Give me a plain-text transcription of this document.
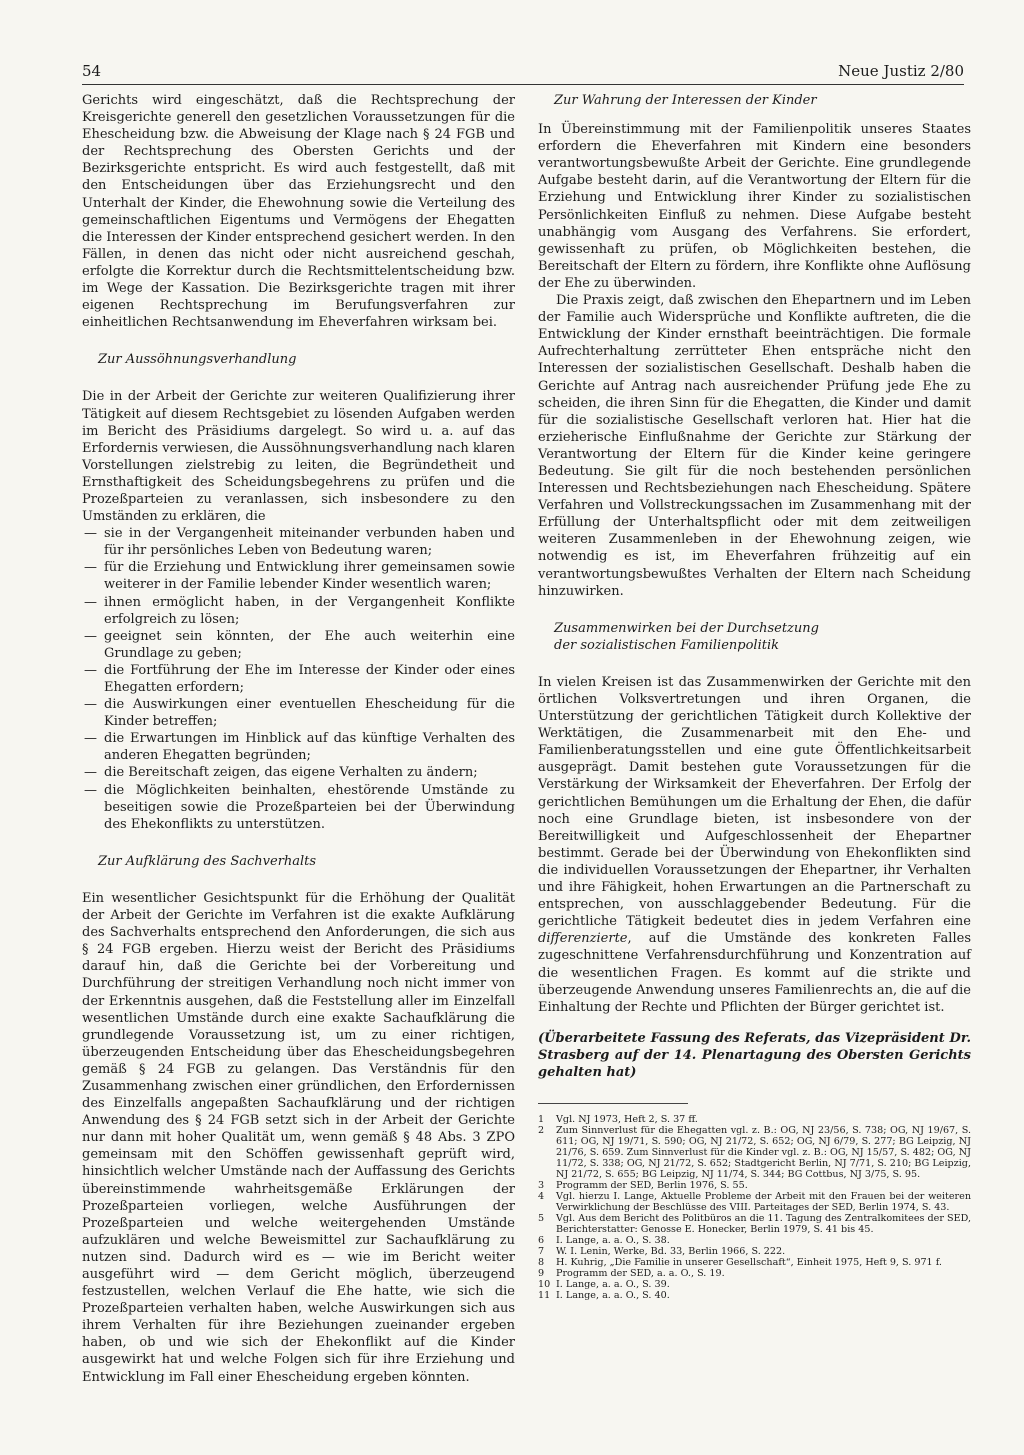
54	Neue Justiz 2/80

Gerichts wird eingeschätzt, daß die Rechtsprechung der Kreisgerichte generell den gesetzlichen Voraussetzungen für die Ehescheidung bzw. die Abweisung der Klage nach § 24 FGB und der Rechtsprechung des Obersten Gerichts und der Bezirksgerichte entspricht. Es wird auch festgestellt, daß mit den Entscheidungen über das Erziehungsrecht und den Unterhalt der Kinder, die Ehewohnung sowie die Verteilung des gemeinschaftlichen Eigentums und Vermögens der Ehegatten die Interessen der Kinder entsprechend gesichert werden. In den Fällen, in denen das nicht oder nicht ausreichend geschah, erfolgte die Korrektur durch die Rechtsmittelentscheidung bzw. im Wege der Kassation. Die Bezirksgerichte tragen mit ihrer eigenen Rechtsprechung im Berufungsverfahren zur einheitlichen Rechtsanwendung im Eheverfahren wirksam bei.

Zur Aussöhnungsverhandlung

Die in der Arbeit der Gerichte zur weiteren Qualifizierung ihrer Tätigkeit auf diesem Rechtsgebiet zu lösenden Aufgaben werden im Bericht des Präsidiums dargelegt. So wird u. a. auf das Erfordernis verwiesen, die Aussöhnungsverhandlung nach klaren Vorstellungen zielstrebig zu leiten, die Begründetheit und Ernsthaftigkeit des Scheidungsbegehrens zu prüfen und die Prozeßparteien zu veranlassen, sich insbesondere zu den Umständen zu erklären, die

— sie in der Vergangenheit miteinander verbunden haben und für ihr persönliches Leben von Bedeutung waren;
— für die Erziehung und Entwicklung ihrer gemeinsamen sowie weiterer in der Familie lebender Kinder wesentlich waren;
— ihnen ermöglicht haben, in der Vergangenheit Konflikte erfolgreich zu lösen;
— geeignet sein könnten, der Ehe auch weiterhin eine Grundlage zu geben;
— die Fortführung der Ehe im Interesse der Kinder oder eines Ehegatten erfordern;
— die Auswirkungen einer eventuellen Ehescheidung für die Kinder betreffen;
— die Erwartungen im Hinblick auf das künftige Verhalten des anderen Ehegatten begründen;
— die Bereitschaft zeigen, das eigene Verhalten zu ändern;
— die Möglichkeiten beinhalten, ehestörende Umstände zu beseitigen sowie die Prozeßparteien bei der Überwindung des Ehekonflikts zu unterstützen.
Zur Aufklärung des Sachverhalts

Ein wesentlicher Gesichtspunkt für die Erhöhung der Qualität der Arbeit der Gerichte im Verfahren ist die exakte Aufklärung des Sachverhalts entsprechend den Anforderungen, die sich aus § 24 FGB ergeben. Hierzu weist der Bericht des Präsidiums darauf hin, daß die Gerichte bei der Vorbereitung und Durchführung der streitigen Verhandlung noch nicht immer von der Erkenntnis ausgehen, daß die Feststellung aller im Einzelfall wesentlichen Umstände durch eine exakte Sachaufklärung die grundlegende Voraussetzung ist, um zu einer richtigen, überzeugenden Entscheidung über das Ehescheidungsbegehren gemäß § 24 FGB zu gelangen. Das Verständnis für den Zusammenhang zwischen einer gründlichen, den Erfordernissen des Einzelfalls angepaßten Sachaufklärung und der richtigen Anwendung des § 24 FGB setzt sich in der Arbeit der Gerichte nur dann mit hoher Qualität um, wenn gemäß § 48 Abs. 3 ZPO gemeinsam mit den Schöffen gewissenhaft geprüft wird, hinsichtlich welcher Umstände nach der Auffassung des Gerichts übereinstimmende wahrheitsgemäße Erklärungen der Prozeßparteien vorliegen, welche Ausführungen der Prozeßparteien und welche weitergehenden Umstände aufzuklären und welche Beweismittel zur Sachaufklärung zu nutzen sind. Dadurch wird es — wie im Bericht weiter ausgeführt wird — dem Gericht möglich, überzeugend festzustellen, welchen Verlauf die Ehe hatte, wie sich die Prozeßparteien verhalten haben, welche Auswirkungen sich aus ihrem Verhalten für ihre Beziehungen zueinander ergeben haben, ob und wie sich der Ehekonflikt auf die Kinder ausgewirkt hat und welche Folgen sich für ihre Erziehung und Entwicklung im Fall einer Ehescheidung ergeben könnten.

Zur Wahrung der Interessen der Kinder

In Übereinstimmung mit der Familienpolitik unseres Staates erfordern die Eheverfahren mit Kindern eine besonders verantwortungsbewußte Arbeit der Gerichte. Eine grundlegende Aufgabe besteht darin, auf die Verantwortung der Eltern für die Erziehung und Entwicklung ihrer Kinder zu sozialistischen Persönlichkeiten Einfluß zu nehmen. Diese Aufgabe besteht unabhängig vom Ausgang des Verfahrens. Sie erfordert, gewissenhaft zu prüfen, ob Möglichkeiten bestehen, die Bereitschaft der Eltern zu fördern, ihre Konflikte ohne Auflösung der Ehe zu überwinden.

Die Praxis zeigt, daß zwischen den Ehepartnern und im Leben der Familie auch Widersprüche und Konflikte auftreten, die die Entwicklung der Kinder ernsthaft beeinträchtigen. Die formale Aufrechterhaltung zerrütteter Ehen entspräche nicht den Interessen der sozialistischen Gesellschaft. Deshalb haben die Gerichte auf Antrag nach ausreichender Prüfung jede Ehe zu scheiden, die ihren Sinn für die Ehegatten, die Kinder und damit für die sozialistische Gesellschaft verloren hat. Hier hat die erzieherische Einflußnahme der Gerichte zur Stärkung der Verantwortung der Eltern für die Kinder keine geringere Bedeutung. Sie gilt für die noch bestehenden persönlichen Interessen und Rechtsbeziehungen nach Ehescheidung. Spätere Verfahren und Vollstreckungssachen im Zusammenhang mit der Erfüllung der Unterhaltspflicht oder mit dem zeitweiligen weiteren Zusammenleben in der Ehewohnung zeigen, wie notwendig es ist, im Eheverfahren frühzeitig auf ein verantwortungsbewußtes Verhalten der Eltern nach Scheidung hinzuwirken.

Zusammenwirken bei der Durchsetzung
der sozialistischen Familienpolitik

In vielen Kreisen ist das Zusammenwirken der Gerichte mit den örtlichen Volksvertretungen und ihren Organen, die Unterstützung der gerichtlichen Tätigkeit durch Kollektive der Werktätigen, die Zusammenarbeit mit den Ehe- und Familienberatungsstellen und eine gute Öffentlichkeitsarbeit ausgeprägt. Damit bestehen gute Voraussetzungen für die Verstärkung der Wirksamkeit der Eheverfahren. Der Erfolg der gerichtlichen Bemühungen um die Erhaltung der Ehen, die dafür noch eine Grundlage bieten, ist insbesondere von der Bereitwilligkeit und Aufgeschlossenheit der Ehepartner bestimmt. Gerade bei der Überwindung von Ehekonflikten sind die individuellen Voraussetzungen der Ehepartner, ihr Verhalten und ihre Fähigkeit, hohen Erwartungen an die Partnerschaft zu entsprechen, von ausschlaggebender Bedeutung. Für die gerichtliche Tätigkeit bedeutet dies in jedem Verfahren eine differenzierte, auf die Umstände des konkreten Falles zugeschnittene Verfahrensdurchführung und Konzentration auf die wesentlichen Fragen. Es kommt auf die strikte und überzeugende Anwendung unseres Familienrechts an, die auf die Einhaltung der Rechte und Pflichten der Bürger gerichtet ist.

(Überarbeitete Fassung des Referats, das Vizepräsident Dr. Strasberg auf der 14. Plenartagung des Obersten Gerichts gehalten hat)

1 Vgl. NJ 1973, Heft 2, S. 37 ff.

2 Zum Sinnverlust für die Ehegatten vgl. z. B.: OG, NJ 23/56, S. 738; OG, NJ 19/67, S. 611; OG, NJ 19/71, S. 590; OG, NJ 21/72, S. 652; OG, NJ 6/79, S. 277; BG Leipzig, NJ 21/76, S. 659. Zum Sinnverlust für die Kinder vgl. z. B.: OG, NJ 15/57, S. 482; OG, NJ 11/72, S. 338; OG, NJ 21/72, S. 652; Stadtgericht Berlin, NJ 7/71, S. 210; BG Leipzig, NJ 21/72, S. 655; BG Leipzig, NJ 11/74, S. 344; BG Cottbus, NJ 3/75, S. 95.

3 Programm der SED, Berlin 1976, S. 55.

4 Vgl. hierzu I. Lange, Aktuelle Probleme der Arbeit mit den Frauen bei der weiteren Verwirklichung der Beschlüsse des VIII. Parteitages der SED, Berlin 1974, S. 43.

5 Vgl. Aus dem Bericht des Politbüros an die 11. Tagung des Zentralkomitees der SED, Berichterstatter: Genosse E. Honecker, Berlin 1979, S. 41 bis 45.

6 I. Lange, a. a. O., S. 38.

7 W. I. Lenin, Werke, Bd. 33, Berlin 1966, S. 222.

8 H. Kuhrig, „Die Familie in unserer Gesellschaft“, Einheit 1975, Heft 9, S. 971 f.

9 Programm der SED, a. a. O., S. 19.

10 I. Lange, a. a. O., S. 39.

11 I. Lange, a. a. O., S. 40.
